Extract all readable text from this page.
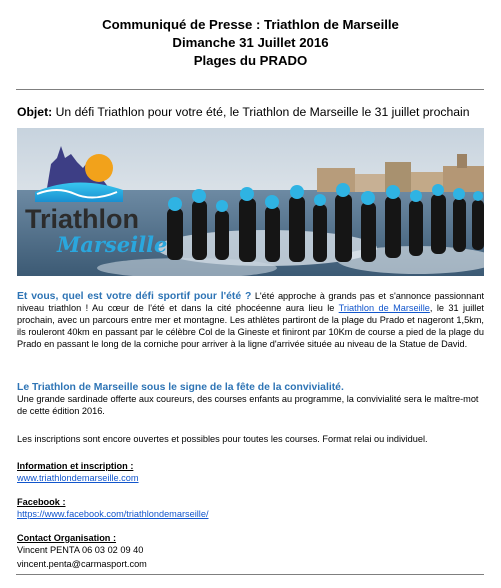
Communiqué de Presse : Triathlon de Marseille
Dimanche 31 Juillet 2016
Plages du PRADO
Objet: Un défi Triathlon pour votre été, le Triathlon de Marseille le 31 juillet prochain
Triathlon
Marseille
Et vous, quel est votre défi sportif pour l'été ? L'été approche à grands pas et s'annonce passionnant niveau triathlon ! Au cœur de l'été et dans la cité phocéenne aura lieu le Triathlon de Marseille, le 31 juillet prochain, avec un parcours entre mer et montagne. Les athlètes partiront de la plage du Prado et nageront 1,5km, ils rouleront 40km en passant par le célèbre Col de la Gineste et finiront par 10Km de course a pied de la plage du Prado en passant le long de la corniche pour arriver à la ligne d'arrivée située au niveau de la Statue de David.
Le Triathlon de Marseille sous le signe de la fête de la convivialité.
Une grande sardinade offerte aux coureurs, des courses enfants au programme, la convivialité sera le maître-mot de cette édition 2016.
Les inscriptions sont encore ouvertes et possibles pour toutes les courses. Format relai ou individuel.
Information et inscription :
www.triathlondemarseille.com
Facebook :
https://www.facebook.com/triathlondemarseille/
Contact Organisation :
Vincent PENTA 06 03 02 09 40
vincent.penta@carmasport.com
